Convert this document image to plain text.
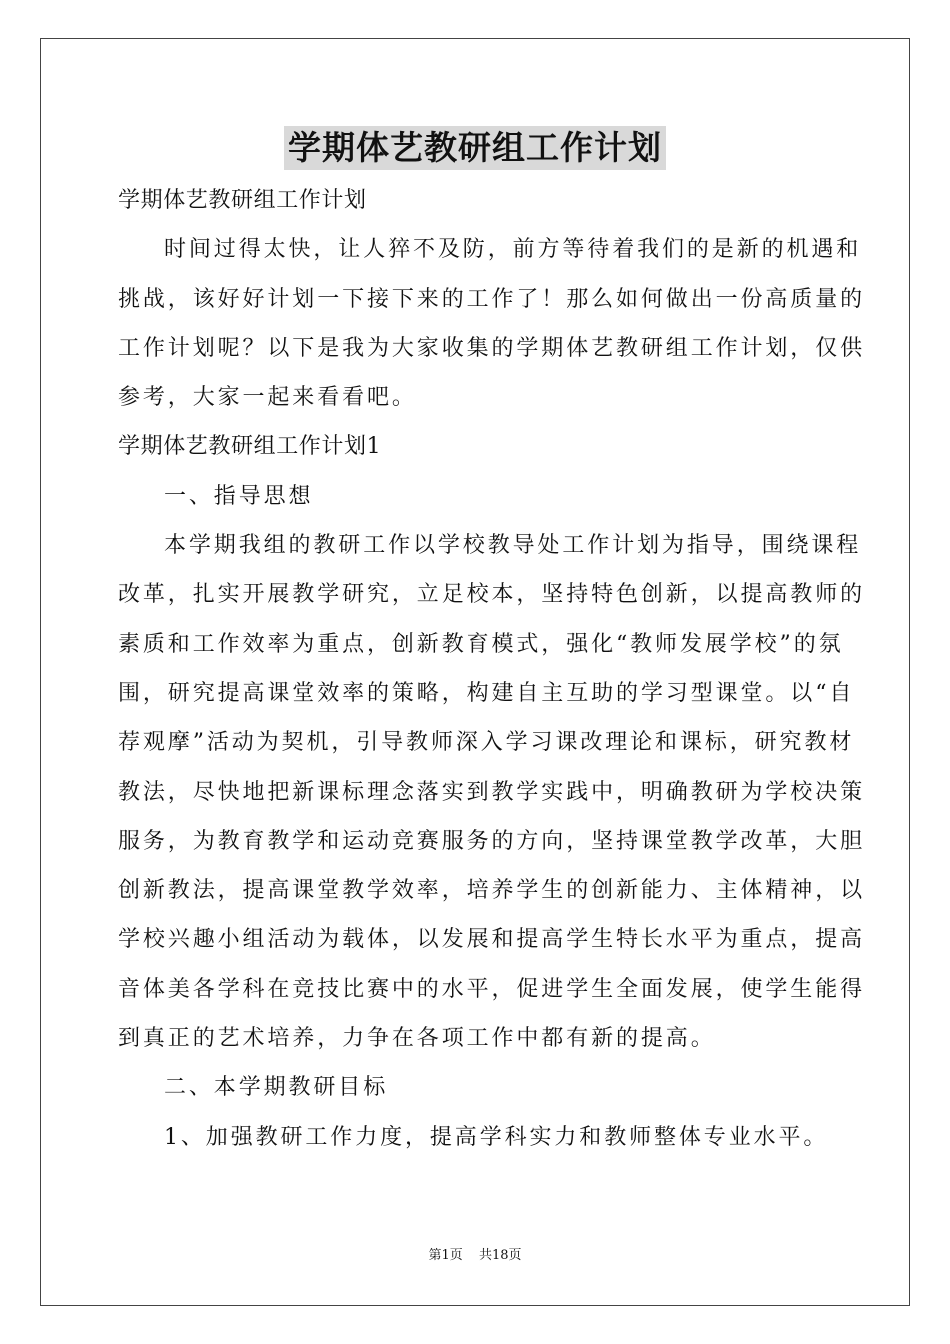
学期体艺教研组工作计划
学期体艺教研组工作计划
时间过得太快，让人猝不及防，前方等待着我们的是新的机遇和
挑战，该好好计划一下接下来的工作了！那么如何做出一份高质量的
工作计划呢？以下是我为大家收集的学期体艺教研组工作计划，仅供
参考，大家一起来看看吧。
学期体艺教研组工作计划1
一、指导思想
本学期我组的教研工作以学校教导处工作计划为指导，围绕课程
改革，扎实开展教学研究，立足校本，坚持特色创新，以提高教师的
素质和工作效率为重点，创新教育模式，强化“教师发展学校”的氛
围，研究提高课堂效率的策略，构建自主互助的学习型课堂。以“自
荐观摩”活动为契机，引导教师深入学习课改理论和课标，研究教材
教法，尽快地把新课标理念落实到教学实践中，明确教研为学校决策
服务，为教育教学和运动竞赛服务的方向，坚持课堂教学改革，大胆
创新教法，提高课堂教学效率，培养学生的创新能力、主体精神，以
学校兴趣小组活动为载体，以发展和提高学生特长水平为重点，提高
音体美各学科在竞技比赛中的水平，促进学生全面发展，使学生能得
到真正的艺术培养，力争在各项工作中都有新的提高。
二、本学期教研目标
1、加强教研工作力度，提高学科实力和教师整体专业水平。
第1页 共18页
